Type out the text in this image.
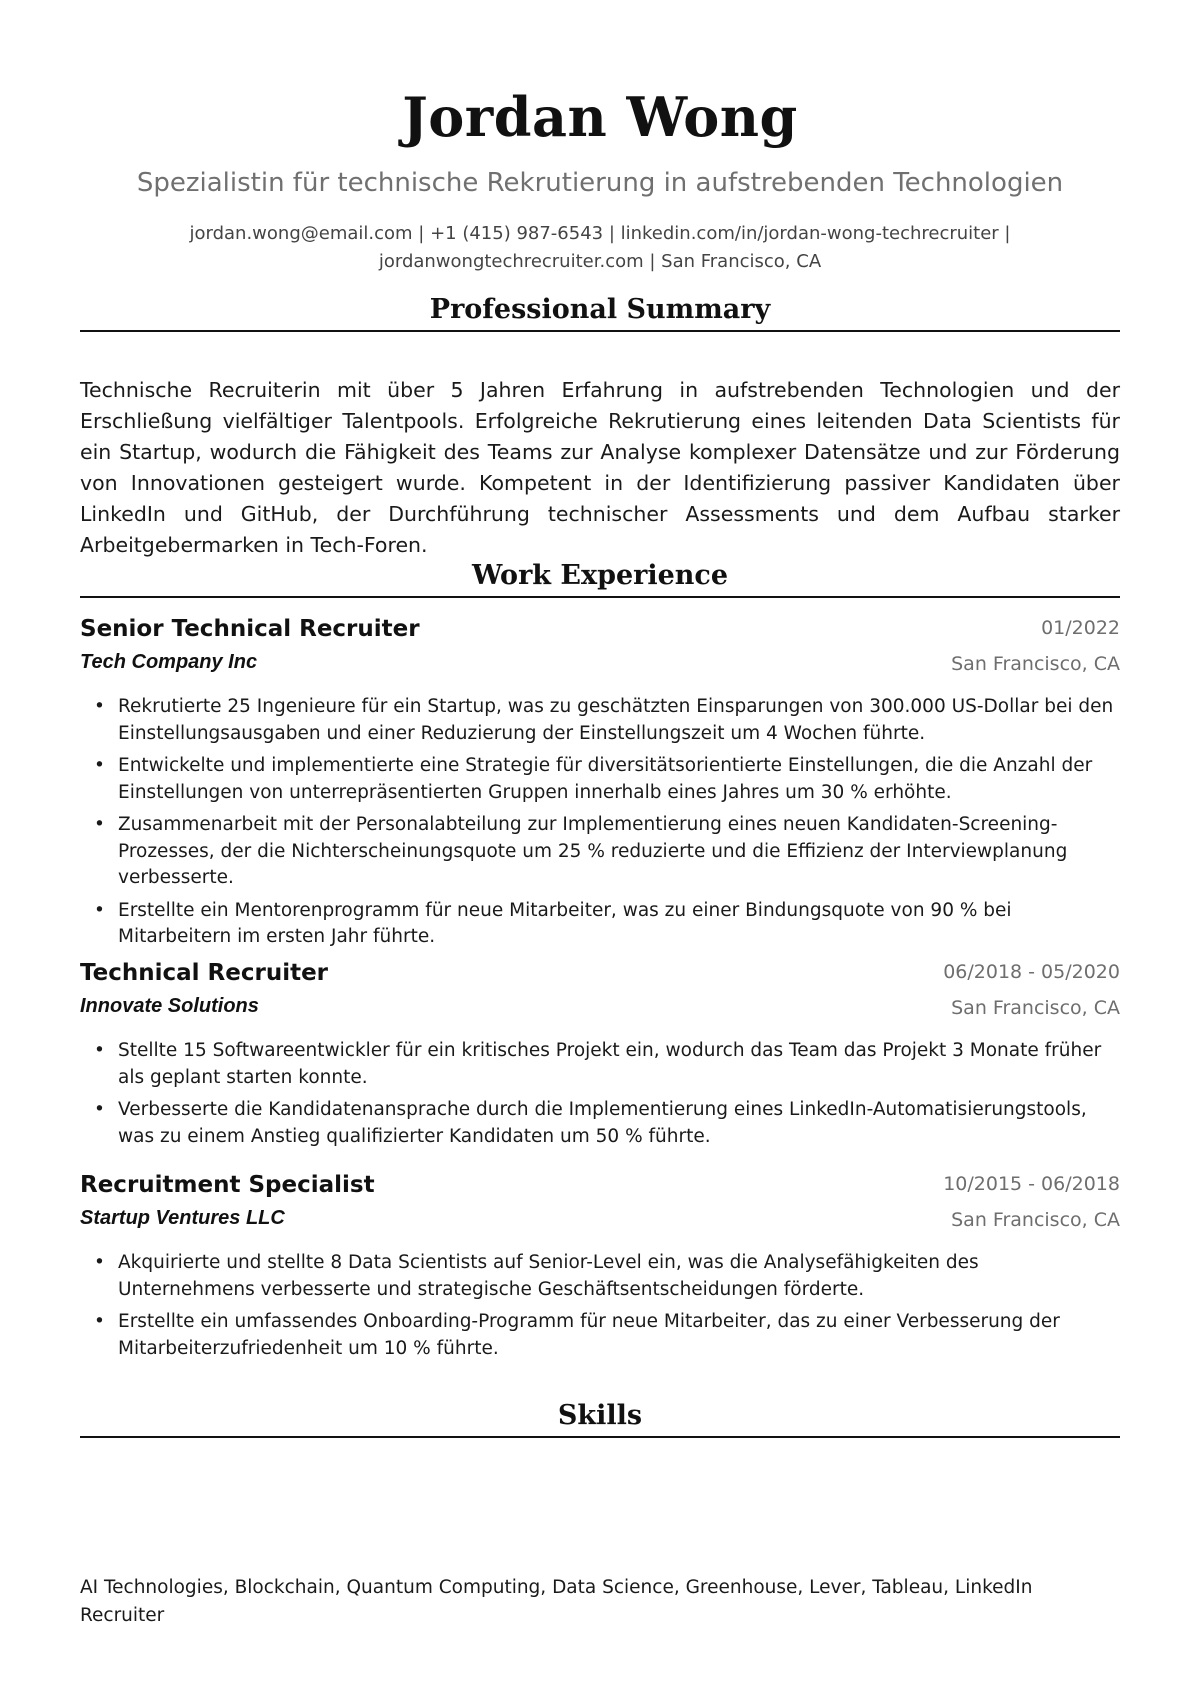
Jordan Wong
Spezialistin für technische Rekrutierung in aufstrebenden Technologien
jordan.wong@email.com | +1 (415) 987-6543 | linkedin.com/in/jordan-wong-techrecruiter |
jordanwongtechrecruiter.com | San Francisco, CA
Professional Summary
Technische Recruiterin mit über 5 Jahren Erfahrung in aufstrebenden Technologien und der Erschließung vielfältiger Talentpools. Erfolgreiche Rekrutierung eines leitenden Data Scientists für ein Startup, wodurch die Fähigkeit des Teams zur Analyse komplexer Datensätze und zur Förderung von Innovationen gesteigert wurde. Kompetent in der Identifizierung passiver Kandidaten über LinkedIn und GitHub, der Durchführung technischer Assessments und dem Aufbau starker Arbeitgebermarken in Tech-Foren.
Work Experience
Senior Technical Recruiter	01/2022
Tech Company Inc	San Francisco, CA
• Rekrutierte 25 Ingenieure für ein Startup, was zu geschätzten Einsparungen von 300.000 US-Dollar bei den Einstellungsausgaben und einer Reduzierung der Einstellungszeit um 4 Wochen führte.
• Entwickelte und implementierte eine Strategie für diversitätsorientierte Einstellungen, die die Anzahl der Einstellungen von unterrepräsentierten Gruppen innerhalb eines Jahres um 30 % erhöhte.
• Zusammenarbeit mit der Personalabteilung zur Implementierung eines neuen Kandidaten-Screening-Prozesses, der die Nichterscheinungsquote um 25 % reduzierte und die Effizienz der Interviewplanung verbesserte.
• Erstellte ein Mentorenprogramm für neue Mitarbeiter, was zu einer Bindungsquote von 90 % bei Mitarbeitern im ersten Jahr führte.
Technical Recruiter	06/2018 - 05/2020
Innovate Solutions	San Francisco, CA
• Stellte 15 Softwareentwickler für ein kritisches Projekt ein, wodurch das Team das Projekt 3 Monate früher als geplant starten konnte.
• Verbesserte die Kandidatenansprache durch die Implementierung eines LinkedIn-Automatisierungstools, was zu einem Anstieg qualifizierter Kandidaten um 50 % führte.
Recruitment Specialist	10/2015 - 06/2018
Startup Ventures LLC	San Francisco, CA
• Akquirierte und stellte 8 Data Scientists auf Senior-Level ein, was die Analysefähigkeiten des Unternehmens verbesserte und strategische Geschäftsentscheidungen förderte.
• Erstellte ein umfassendes Onboarding-Programm für neue Mitarbeiter, das zu einer Verbesserung der Mitarbeiterzufriedenheit um 10 % führte.
Skills
AI Technologies, Blockchain, Quantum Computing, Data Science, Greenhouse, Lever, Tableau, LinkedIn Recruiter
